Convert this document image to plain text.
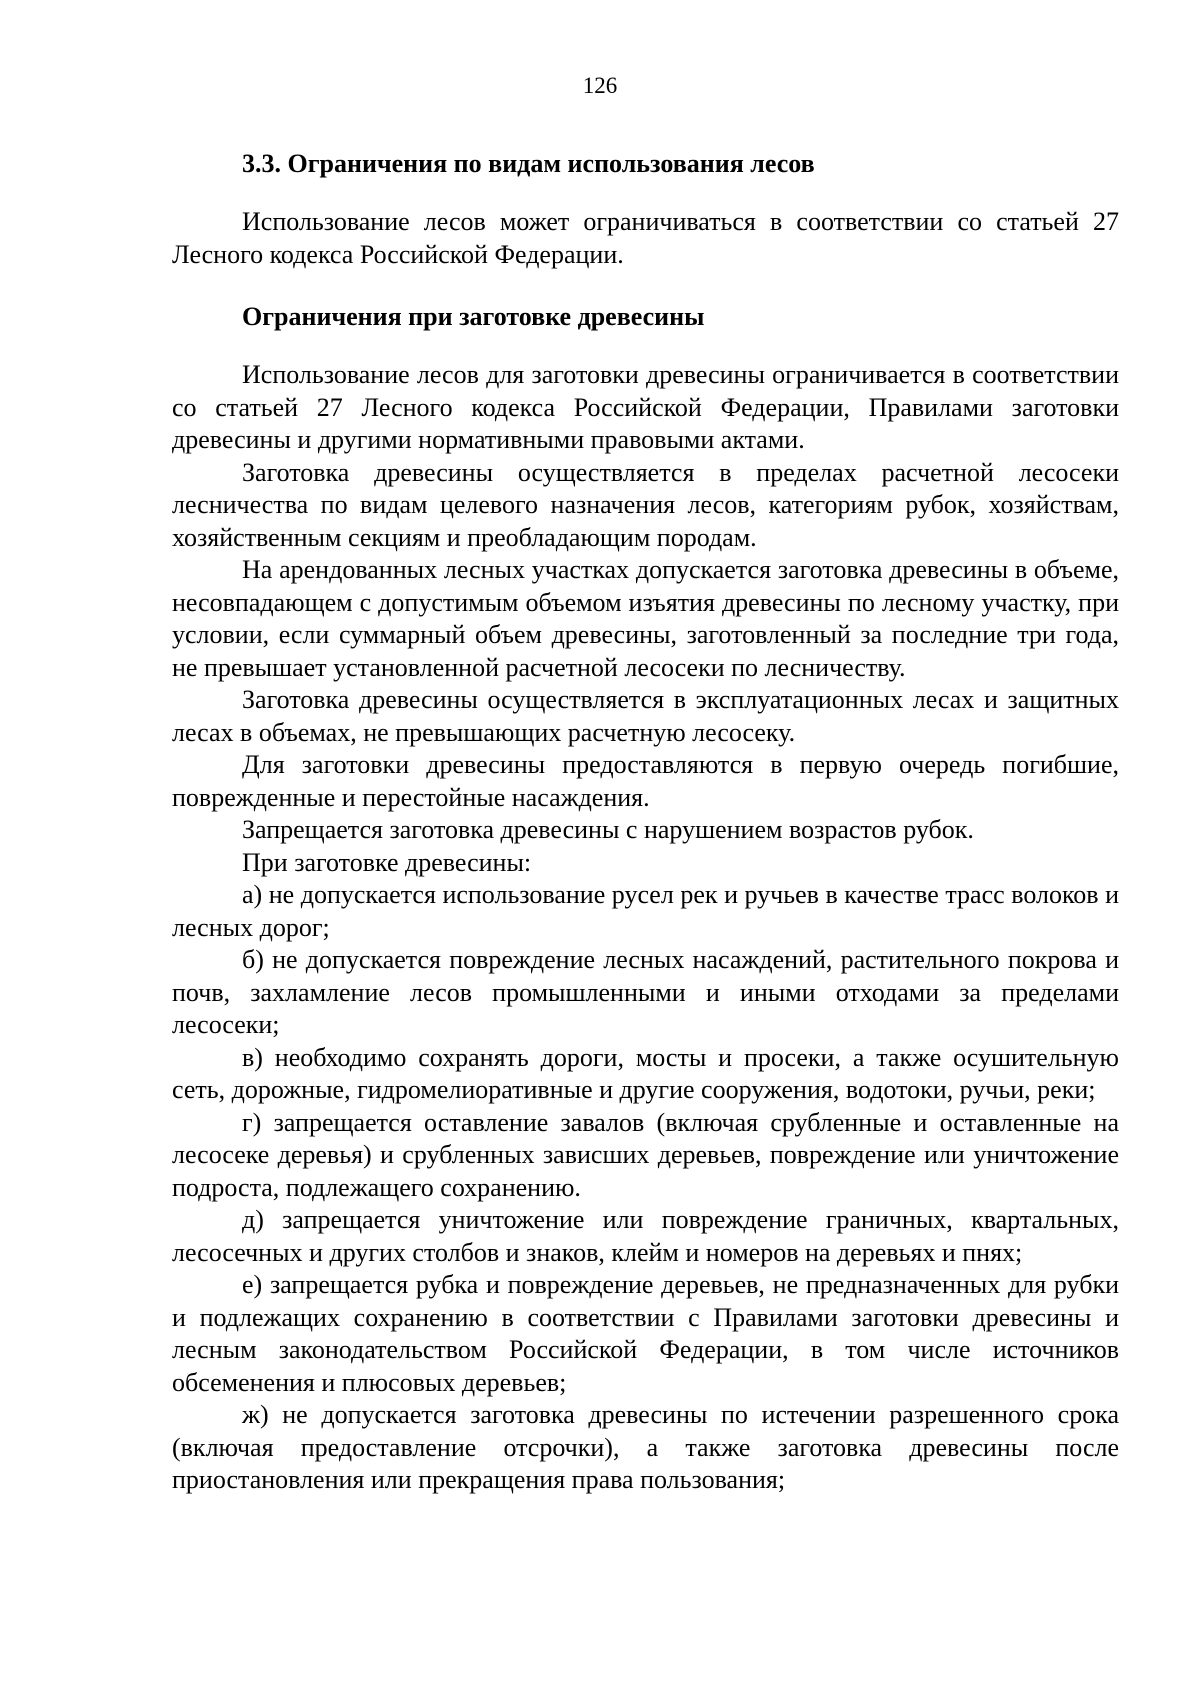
126
3.3. Ограничения по видам использования лесов

Использование лесов может ограничиваться в соответствии со статьей 27 Лесного кодекса Российской Федерации.

Ограничения при заготовке древесины

Использование лесов для заготовки древесины ограничивается в соответствии со статьей 27 Лесного кодекса Российской Федерации, Правилами заготовки древесины и другими нормативными правовыми актами.

Заготовка древесины осуществляется в пределах расчетной лесосеки лесничества по видам целевого назначения лесов, категориям рубок, хозяйствам, хозяйственным секциям и преобладающим породам.

На арендованных лесных участках допускается заготовка древесины в объеме, несовпадающем с допустимым объемом изъятия древесины по лесному участку, при условии, если суммарный объем древесины, заготовленный за последние три года, не превышает установленной расчетной лесосеки по лесничеству.

Заготовка древесины осуществляется в эксплуатационных лесах и защитных лесах в объемах, не превышающих расчетную лесосеку.

Для заготовки древесины предоставляются в первую очередь погибшие, поврежденные и перестойные насаждения.

Запрещается заготовка древесины с нарушением возрастов рубок.

При заготовке древесины:

а) не допускается использование русел рек и ручьев в качестве трасс волоков и лесных дорог;

б) не допускается повреждение лесных насаждений, растительного покрова и почв, захламление лесов промышленными и иными отходами за пределами лесосеки;

в) необходимо сохранять дороги, мосты и просеки, а также осушительную сеть, дорожные, гидромелиоративные и другие сооружения, водотоки, ручьи, реки;

г) запрещается оставление завалов (включая срубленные и оставленные на лесосеке деревья) и срубленных зависших деревьев, повреждение или уничтожение подроста, подлежащего сохранению.

д) запрещается уничтожение или повреждение граничных, квартальных, лесосечных и других столбов и знаков, клейм и номеров на деревьях и пнях;

е) запрещается рубка и повреждение деревьев, не предназначенных для рубки и подлежащих сохранению в соответствии с Правилами заготовки древесины и лесным законодательством Российской Федерации, в том числе источников обсеменения и плюсовых деревьев;

ж) не допускается заготовка древесины по истечении разрешенного срока (включая предоставление отсрочки), а также заготовка древесины после приостановления или прекращения права пользования;
